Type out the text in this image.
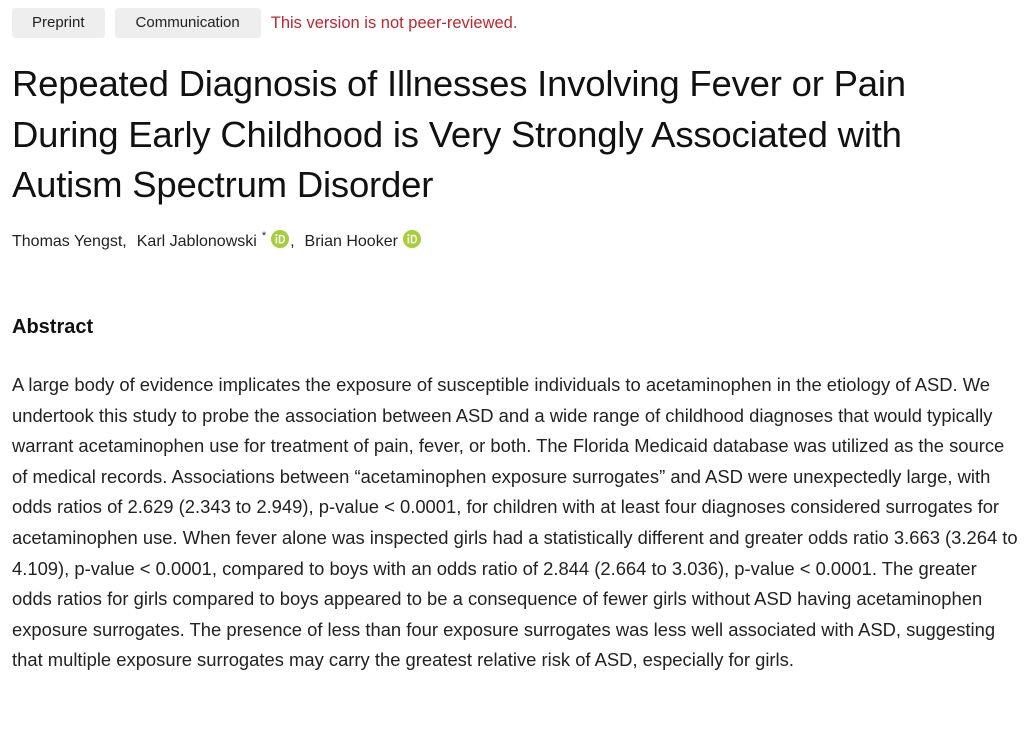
Preprint	Communication	This version is not peer-reviewed.
Repeated Diagnosis of Illnesses Involving Fever or Pain During Early Childhood is Very Strongly Associated with Autism Spectrum Disorder
Thomas Yengst , Karl Jablonowski * , Brian Hooker
Abstract

A large body of evidence implicates the exposure of susceptible individuals to acetaminophen in the etiology of ASD. We undertook this study to probe the association between ASD and a wide range of childhood diagnoses that would typically warrant acetaminophen use for treatment of pain, fever, or both. The Florida Medicaid database was utilized as the source of medical records. Associations between “acetaminophen exposure surrogates” and ASD were unexpectedly large, with odds ratios of 2.629 (2.343 to 2.949), p-value < 0.0001, for children with at least four diagnoses considered surrogates for acetaminophen use. When fever alone was inspected girls had a statistically different and greater odds ratio 3.663 (3.264 to 4.109), p-value < 0.0001, compared to boys with an odds ratio of 2.844 (2.664 to 3.036), p-value < 0.0001. The greater odds ratios for girls compared to boys appeared to be a consequence of fewer girls without ASD having acetaminophen exposure surrogates. The presence of less than four exposure surrogates was less well associated with ASD, suggesting that multiple exposure surrogates may carry the greatest relative risk of ASD, especially for girls.
